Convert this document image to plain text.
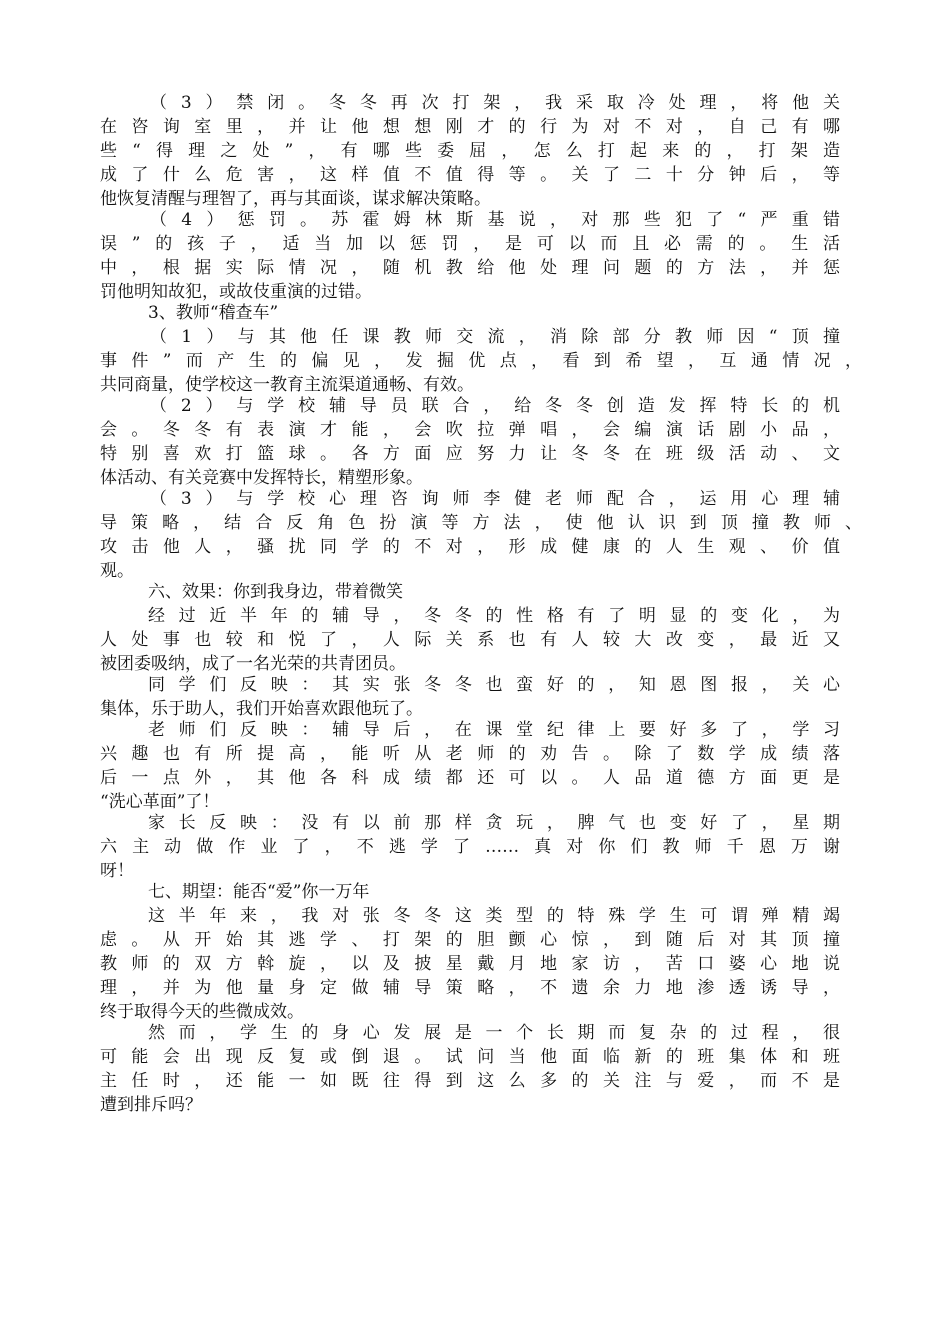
（3）禁闭。冬冬再次打架，我采取冷处理，将他关
在咨询室里，并让他想想刚才的行为对不对，自己有哪
些“得理之处”，有哪些委屈，怎么打起来的，打架造
成了什么危害，这样值不值得等。关了二十分钟后，等
他恢复清醒与理智了，再与其面谈，谋求解决策略。
（4）惩罚。苏霍姆林斯基说，对那些犯了“严重错
误”的孩子，适当加以惩罚，是可以而且必需的。生活
中，根据实际情况，随机教给他处理问题的方法，并惩
罚他明知故犯，或故伎重演的过错。
3、教师“稽查车”
（1）与其他任课教师交流，消除部分教师因“顶撞
事件”而产生的偏见，发掘优点，看到希望，互通情况，
共同商量，使学校这一教育主流渠道通畅、有效。
（2）与学校辅导员联合，给冬冬创造发挥特长的机
会。冬冬有表演才能，会吹拉弹唱，会编演话剧小品，
特别喜欢打篮球。各方面应努力让冬冬在班级活动、文
体活动、有关竞赛中发挥特长，精塑形象。
（3）与学校心理咨询师李健老师配合，运用心理辅
导策略，结合反角色扮演等方法，使他认识到顶撞教师、
攻击他人，骚扰同学的不对，形成健康的人生观、价值
观。
六、效果：你到我身边，带着微笑
经过近半年的辅导，冬冬的性格有了明显的变化，为
人处事也较和悦了，人际关系也有人较大改变，最近又
被团委吸纳，成了一名光荣的共青团员。
同学们反映：其实张冬冬也蛮好的，知恩图报，关心
集体，乐于助人，我们开始喜欢跟他玩了。
老师们反映：辅导后，在课堂纪律上要好多了，学习
兴趣也有所提高，能听从老师的劝告。除了数学成绩落
后一点外，其他各科成绩都还可以。人品道德方面更是
“洗心革面”了！
家长反映：没有以前那样贪玩，脾气也变好了，星期
六主动做作业了，不逃学了……真对你们教师千恩万谢
呀！
七、期望：能否“爱”你一万年
这半年来，我对张冬冬这类型的特殊学生可谓殚精竭
虑。从开始其逃学、打架的胆颤心惊，到随后对其顶撞
教师的双方斡旋，以及披星戴月地家访，苦口婆心地说
理，并为他量身定做辅导策略，不遗余力地渗透诱导，
终于取得今天的些微成效。
然而，学生的身心发展是一个长期而复杂的过程，很
可能会出现反复或倒退。试问当他面临新的班集体和班
主任时，还能一如既往得到这么多的关注与爱，而不是
遭到排斥吗？
